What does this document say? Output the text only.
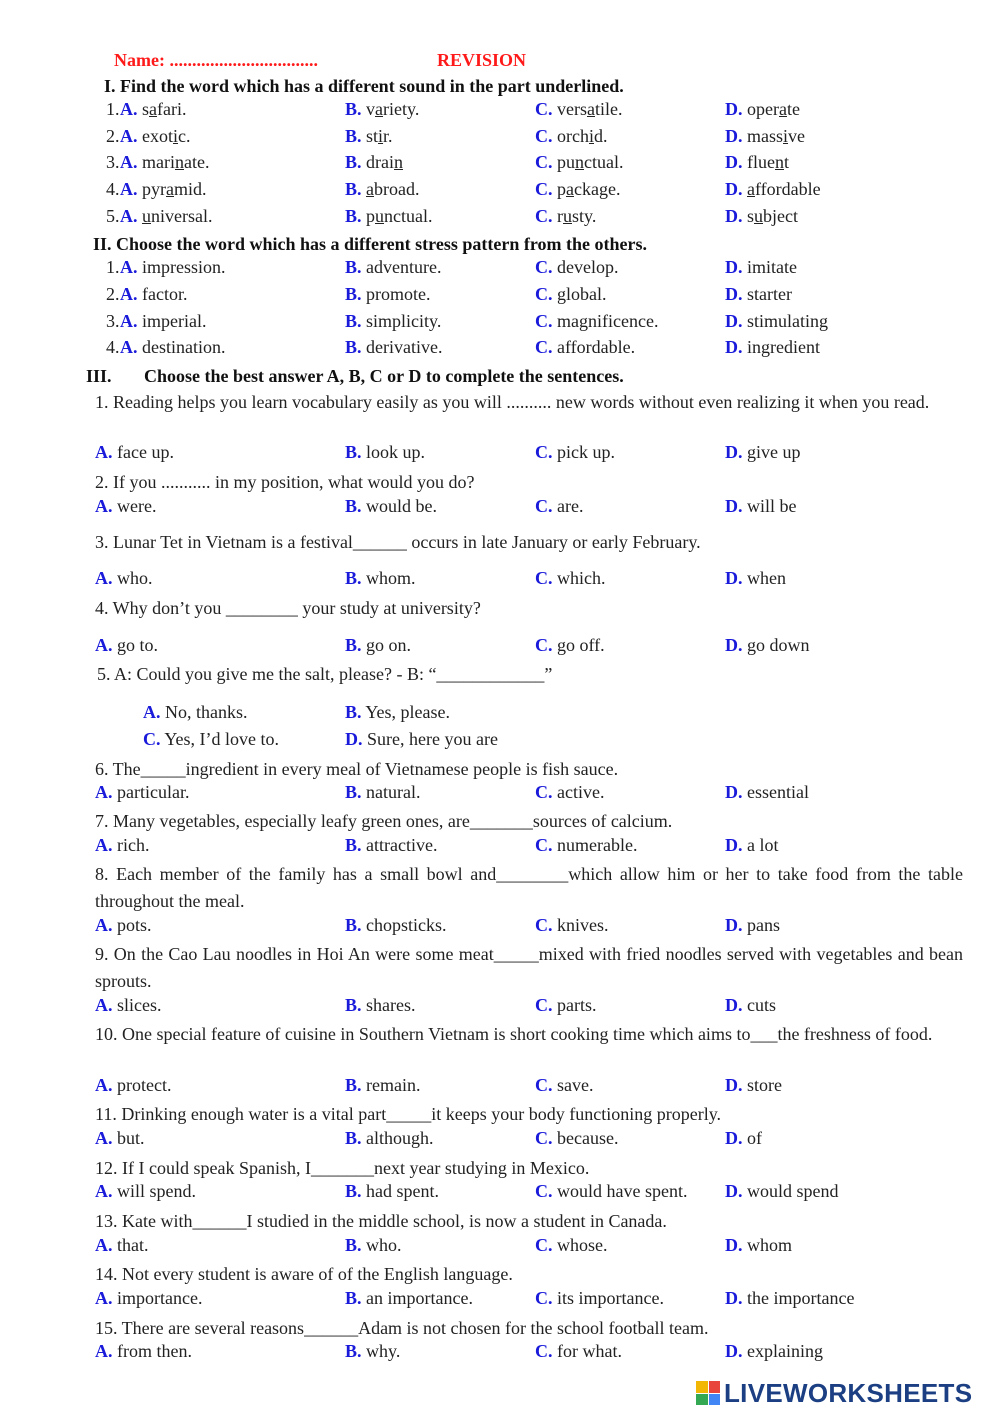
Name: .................................	REVISION
I. Find the word which has a different sound in the part underlined.
1. A. safari.	B. variety.	C. versatile.	D. operate
2. A. exotic.	B. stir.	C. orchid.	D. massive
3. A. marinate.	B. drain	C. punctual.	D. fluent
4. A. pyramid.	B. abroad.	C. package.	D. affordable
5. A. universal.	B. punctual.	C. rusty.	D. subject
II. Choose the word which has a different stress pattern from the others.
1. A. impression.	B. adventure.	C. develop.	D. imitate
2. A. factor.	B. promote.	C. global.	D. starter
3. A. imperial.	B. simplicity.	C. magnificence.	D. stimulating
4. A. destination.	B. derivative.	C. affordable.	D. ingredient
III. Choose the best answer A, B, C or D to complete the sentences.
1. Reading helps you learn vocabulary easily as you will .......... new words without even realizing it when you read.
A. face up.	B. look up.	C. pick up.	D. give up
2. If you ........... in my position, what would you do?
A. were.	B. would be.	C. are.	D. will be
3. Lunar Tet in Vietnam is a festival______ occurs in late January or early February.
A. who.	B. whom.	C. which.	D. when
4. Why don’t you ________ your study at university?
A. go to.	B. go on.	C. go off.	D. go down
5. A: Could you give me the salt, please? - B: “____________”
A. No, thanks.	B. Yes, please.
C. Yes, I’d love to.	D. Sure, here you are
6. The_____ingredient in every meal of Vietnamese people is fish sauce.
A. particular.	B. natural.	C. active.	D. essential
7. Many vegetables, especially leafy green ones, are_______sources of calcium.
A. rich.	B. attractive.	C. numerable.	D. a lot
8. Each member of the family has a small bowl and________which allow him or her to take food from the table throughout the meal.
A. pots.	B. chopsticks.	C. knives.	D. pans
9. On the Cao Lau noodles in Hoi An were some meat_____mixed with fried noodles served with vegetables and bean sprouts.
A. slices.	B. shares.	C. parts.	D. cuts
10. One special feature of cuisine in Southern Vietnam is short cooking time which aims to___the freshness of food.
A. protect.	B. remain.	C. save.	D. store
11. Drinking enough water is a vital part_____it keeps your body functioning properly.
A. but.	B. although.	C. because.	D. of
12. If I could speak Spanish, I_______next year studying in Mexico.
A. will spend.	B. had spent.	C. would have spent. D. would spend
13. Kate with______I studied in the middle school, is now a student in Canada.
A. that.	B. who.	C. whose.	D. whom
14. Not every student is aware of of the English language.
A. importance.	B. an importance.	C. its importance.	D. the importance
15. There are several reasons______Adam is not chosen for the school football team.
A. from then.	B. why.	C. for what.	D. explaining
LIVEWORKSHEETS
